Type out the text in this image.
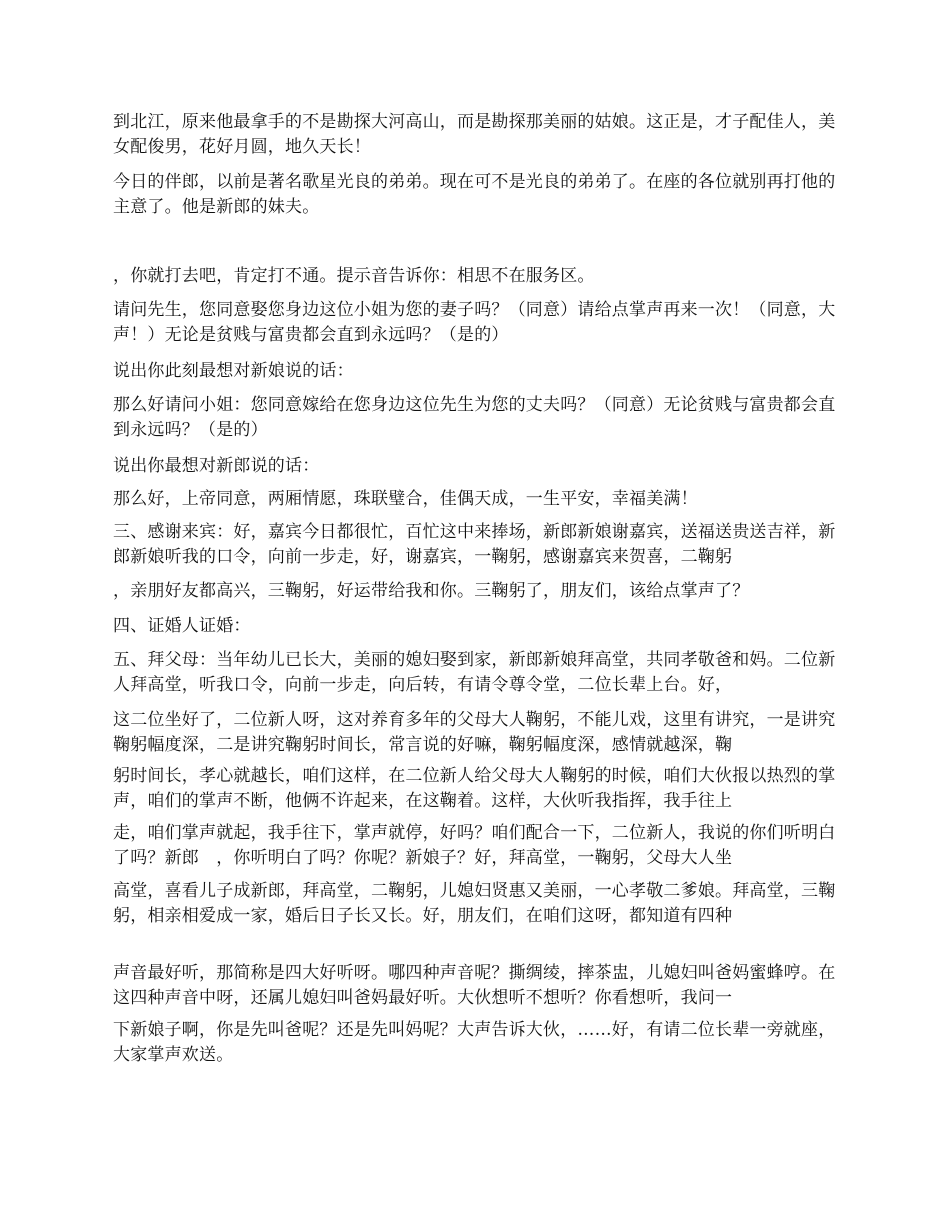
到北江，原来他最拿手的不是勘探大河高山，而是勘探那美丽的姑娘。这正是，才子配佳人，美女配俊男，花好月圆，地久天长！

今日的伴郎，以前是著名歌星光良的弟弟。现在可不是光良的弟弟了。在座的各位就别再打他的主意了。他是新郎的妹夫。

，你就打去吧，肯定打不通。提示音告诉你：相思不在服务区。

请问先生，您同意娶您身边这位小姐为您的妻子吗？（同意）请给点掌声再来一次！（同意，大声！）无论是贫贱与富贵都会直到永远吗？（是的）

说出你此刻最想对新娘说的话：

那么好请问小姐：您同意嫁给在您身边这位先生为您的丈夫吗？（同意）无论贫贱与富贵都会直到永远吗？（是的）

说出你最想对新郎说的话：

那么好，上帝同意，两厢情愿，珠联璧合，佳偶天成，一生平安，幸福美满！

三、感谢来宾：好，嘉宾今日都很忙，百忙这中来捧场，新郎新娘谢嘉宾，送福送贵送吉祥，新郎新娘听我的口令，向前一步走，好，谢嘉宾，一鞠躬，感谢嘉宾来贺喜，二鞠躬

，亲朋好友都高兴，三鞠躬，好运带给我和你。三鞠躬了，朋友们，该给点掌声了？

四、证婚人证婚：

五、拜父母：当年幼儿已长大，美丽的媳妇娶到家，新郎新娘拜高堂，共同孝敬爸和妈。二位新人拜高堂，听我口令，向前一步走，向后转，有请令尊令堂，二位长辈上台。好，

这二位坐好了，二位新人呀，这对养育多年的父母大人鞠躬，不能儿戏，这里有讲究，一是讲究鞠躬幅度深，二是讲究鞠躬时间长，常言说的好嘛，鞠躬幅度深，感情就越深，鞠

躬时间长，孝心就越长，咱们这样，在二位新人给父母大人鞠躬的时候，咱们大伙报以热烈的掌声，咱们的掌声不断，他俩不许起来，在这鞠着。这样，大伙听我指挥，我手往上

走，咱们掌声就起，我手往下，掌声就停，好吗？咱们配合一下，二位新人，我说的你们听明白了吗？新郎　，你听明白了吗？你呢？新娘子？好，拜高堂，一鞠躬，父母大人坐

高堂，喜看儿子成新郎，拜高堂，二鞠躬，儿媳妇贤惠又美丽，一心孝敬二爹娘。拜高堂，三鞠躬，相亲相爱成一家，婚后日子长又长。好，朋友们，在咱们这呀，都知道有四种

声音最好听，那简称是四大好听呀。哪四种声音呢？撕绸绫，摔茶盅，儿媳妇叫爸妈蜜蜂哼。在这四种声音中呀，还属儿媳妇叫爸妈最好听。大伙想听不想听？你看想听，我问一

下新娘子啊，你是先叫爸呢？还是先叫妈呢？大声告诉大伙，……好，有请二位长辈一旁就座，大家掌声欢送。
